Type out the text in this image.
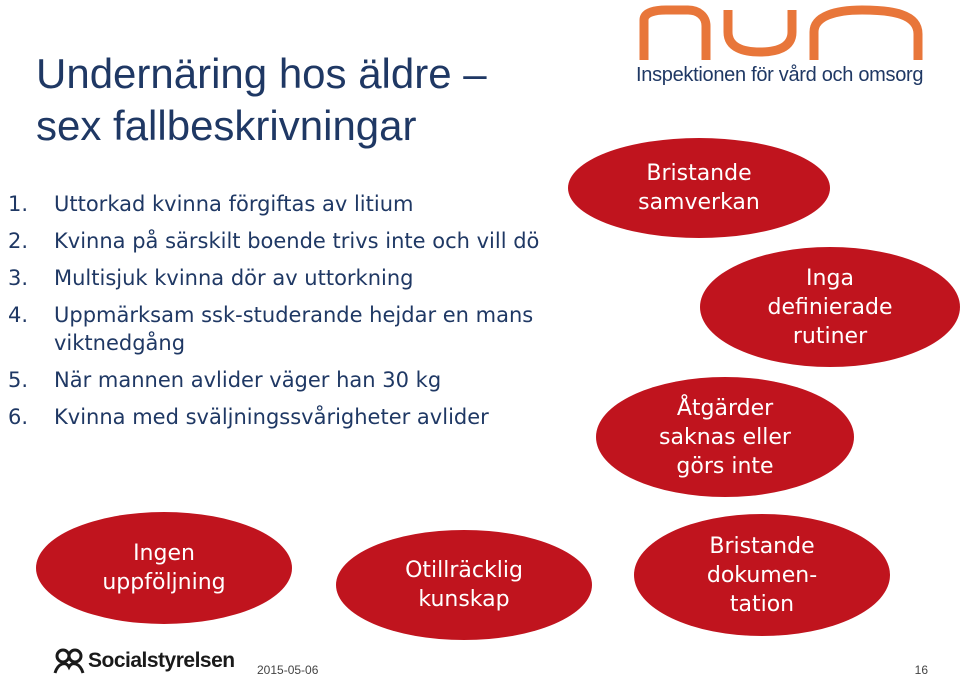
Undernäring hos äldre –
sex fallbeskrivningar
1.	Uttorkad kvinna förgiftas av litium
2.	Kvinna på särskilt boende trivs inte och vill dö
3.	Multisjuk kvinna dör av uttorkning
4.	Uppmärksam ssk-studerande hejdar en mans viktnedgång
5.	När mannen avlider väger han 30 kg
6.	Kvinna med sväljningssvårigheter avlider
Bristande
samverkan
Inga
definierade
rutiner
Åtgärder
saknas eller
görs inte
Ingen
uppföljning	Otillräcklig
kunskap
Bristande
dokumen-
tation
Inspektionen för vård och omsorg
Socialstyrelsen 2015-05-06	16
